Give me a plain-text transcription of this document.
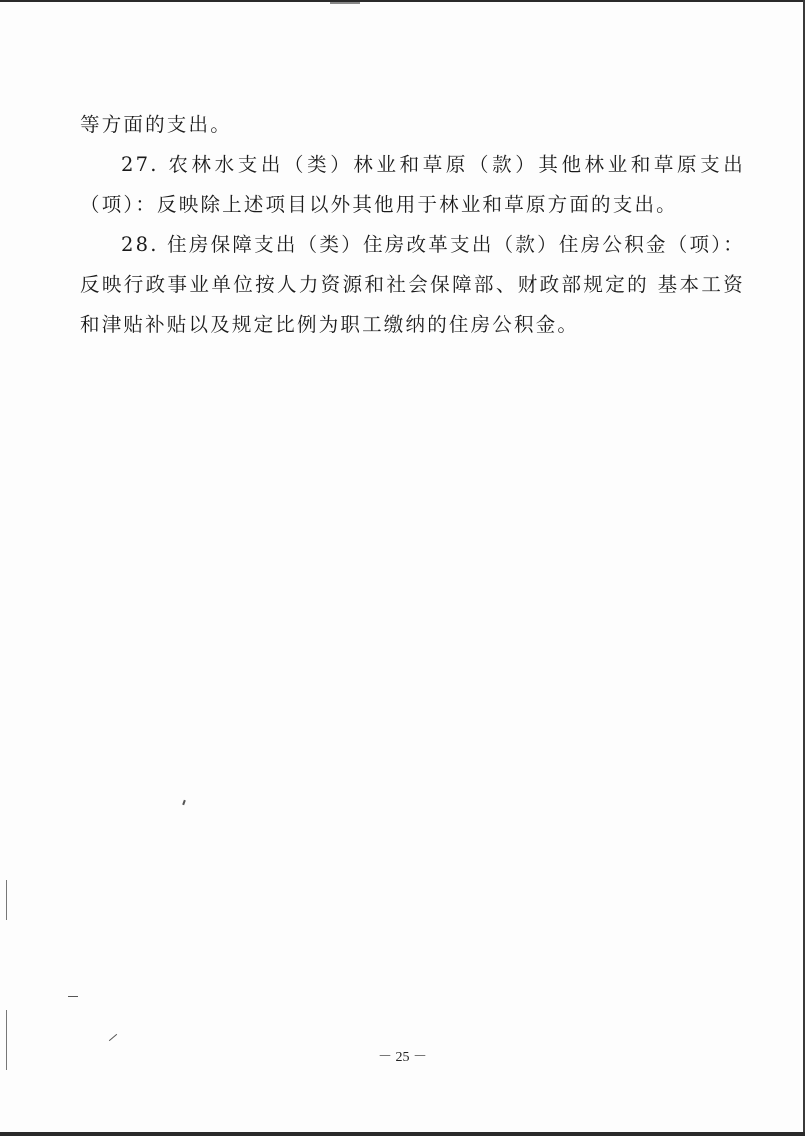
等方面的支出。

27. 农林水支出（类）林业和草原（款）其他林业和草原支出（项）：反映除上述项目以外其他用于林业和草原方面的支出。

28. 住房保障支出（类）住房改革支出（款）住房公积金（项）：反映行政事业单位按人力资源和社会保障部、财政部规定的 基本工资和津贴补贴以及规定比例为职工缴纳的住房公积金。

－ 25 －
